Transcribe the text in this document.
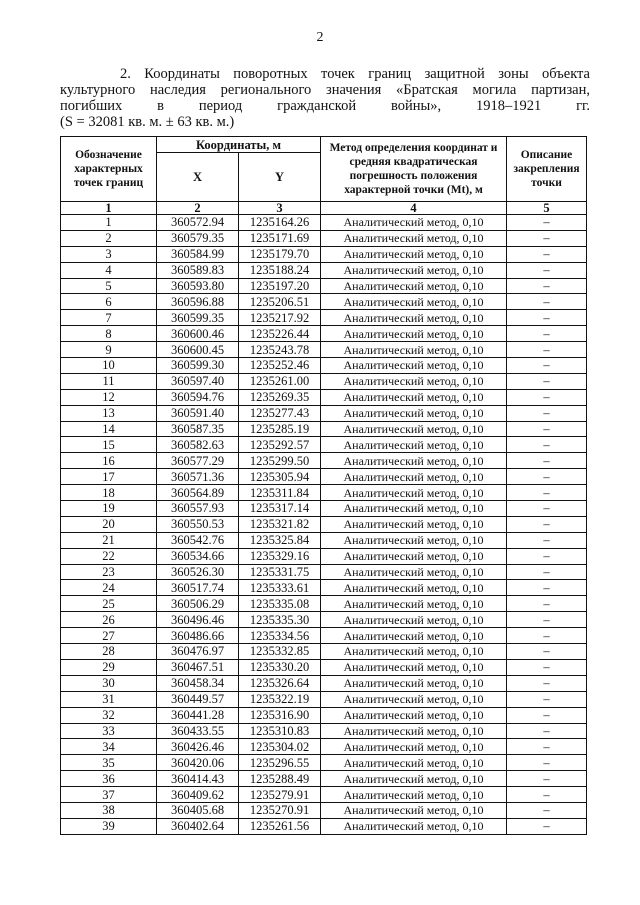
2
2. Координаты поворотных точек границ защитной зоны объекта
культурного наследия регионального значения «Братская могила партизан,
погибших в период гражданской войны», 1918–1921 гг.
(S = 32081 кв. м. ± 63 кв. м.)
Обозначение характерных точек границ	Координаты, м		Метод определения координат и средняя квадратическая погрешность положения характерной точки (Mt), м	Описание закрепления точки
	X	Y		
1	2	3	4	5
1	360572.94	1235164.26	Аналитический метод, 0,10	–
2	360579.35	1235171.69	Аналитический метод, 0,10	–
3	360584.99	1235179.70	Аналитический метод, 0,10	–
4	360589.83	1235188.24	Аналитический метод, 0,10	–
5	360593.80	1235197.20	Аналитический метод, 0,10	–
6	360596.88	1235206.51	Аналитический метод, 0,10	–
7	360599.35	1235217.92	Аналитический метод, 0,10	–
8	360600.46	1235226.44	Аналитический метод, 0,10	–
9	360600.45	1235243.78	Аналитический метод, 0,10	–
10	360599.30	1235252.46	Аналитический метод, 0,10	–
11	360597.40	1235261.00	Аналитический метод, 0,10	–
12	360594.76	1235269.35	Аналитический метод, 0,10	–
13	360591.40	1235277.43	Аналитический метод, 0,10	–
14	360587.35	1235285.19	Аналитический метод, 0,10	–
15	360582.63	1235292.57	Аналитический метод, 0,10	–
16	360577.29	1235299.50	Аналитический метод, 0,10	–
17	360571.36	1235305.94	Аналитический метод, 0,10	–
18	360564.89	1235311.84	Аналитический метод, 0,10	–
19	360557.93	1235317.14	Аналитический метод, 0,10	–
20	360550.53	1235321.82	Аналитический метод, 0,10	–
21	360542.76	1235325.84	Аналитический метод, 0,10	–
22	360534.66	1235329.16	Аналитический метод, 0,10	–
23	360526.30	1235331.75	Аналитический метод, 0,10	–
24	360517.74	1235333.61	Аналитический метод, 0,10	–
25	360506.29	1235335.08	Аналитический метод, 0,10	–
26	360496.46	1235335.30	Аналитический метод, 0,10	–
27	360486.66	1235334.56	Аналитический метод, 0,10	–
28	360476.97	1235332.85	Аналитический метод, 0,10	–
29	360467.51	1235330.20	Аналитический метод, 0,10	–
30	360458.34	1235326.64	Аналитический метод, 0,10	–
31	360449.57	1235322.19	Аналитический метод, 0,10	–
32	360441.28	1235316.90	Аналитический метод, 0,10	–
33	360433.55	1235310.83	Аналитический метод, 0,10	–
34	360426.46	1235304.02	Аналитический метод, 0,10	–
35	360420.06	1235296.55	Аналитический метод, 0,10	–
36	360414.43	1235288.49	Аналитический метод, 0,10	–
37	360409.62	1235279.91	Аналитический метод, 0,10	–
38	360405.68	1235270.91	Аналитический метод, 0,10	–
39	360402.64	1235261.56	Аналитический метод, 0,10	–
